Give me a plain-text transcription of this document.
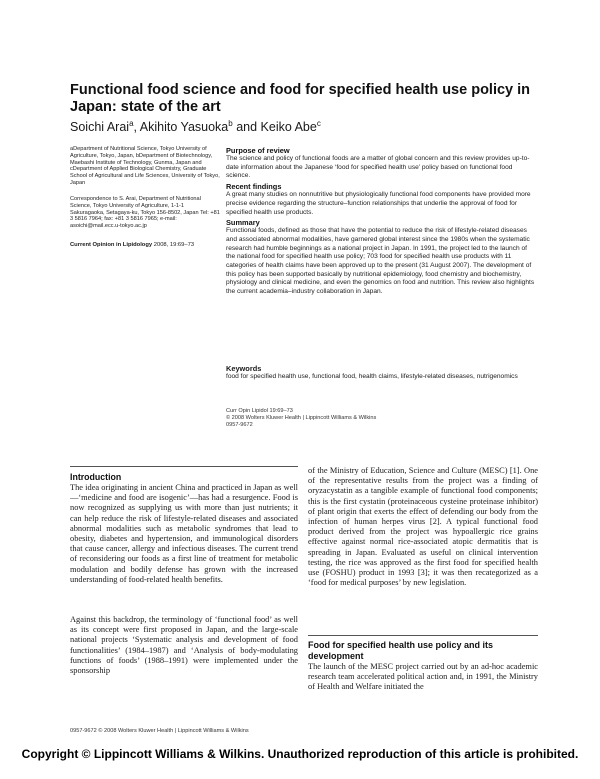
Functional food science and food for specified health use policy in Japan: state of the art
Soichi Arai$^a$, Akihito Yasuoka$^b$ and Keiko Abe$^c$
aDepartment of Nutritional Science, Tokyo University of Agriculture, Tokyo, Japan, bDepartment of Biotechnology, Maebashi Institute of Technology, Gunma, Japan and cDepartment of Applied Biological Chemistry, Graduate School of Agricultural and Life Sciences, University of Tokyo, Japan
Correspondence to S. Arai, Department of Nutritional Science, Tokyo University of Agriculture, 1-1-1 Sakuragaoka, Setagaya-ku, Tokyo 156-8502, Japan Tel: +81 3 5816 7964; fax: +81 3 5816 7965; e-mail: asoichi@mail.ecc.u-tokyo.ac.jp
Current Opinion in Lipidology 2008, 19:69–73
Purpose of review

The science and policy of functional foods are a matter of global concern and this review provides up-to-date information about the Japanese ‘food for specified health use’ policy based on functional food science.

Recent findings

A great many studies on nonnutritive but physiologically functional food components have provided more precise evidence regarding the structure–function relationships that underlie the approval of food for specified health use products.

Summary

Functional foods, defined as those that have the potential to reduce the risk of lifestyle-related diseases and associated abnormal modalities, have garnered global interest since the 1980s when the systematic research had humble beginnings as a national project in Japan. In 1991, the project led to the launch of the national food for specified health use policy; 703 food for specified health use products with 11 categories of health claims have been approved up to the present (31 August 2007). The development of this policy has been supported basically by nutritional epidemiology, food chemistry and biochemistry, physiology and clinical medicine, and even the genomics on food and nutrition. This review also highlights the current academia–industry collaboration in Japan.

Keywords

food for specified health use, functional food, health claims, lifestyle-related diseases, nutrigenomics

Curr Opin Lipidol 19:69–73
© 2008 Wolters Kluwer Health | Lippincott Williams & Wilkins
0957-9672
Introduction

The idea originating in ancient China and practiced in Japan as well—‘medicine and food are isogenic’—has had a resurgence. Food is now recognized as supplying us with more than just nutrients; it can help reduce the risk of lifestyle-related diseases and associated abnormal modalities such as metabolic syndromes that lead to obesity, diabetes and hypertension, and immunological disorders that cause cancer, allergy and infectious diseases. The current trend of reconsidering our foods as a first line of treatment for metabolic modulation and bodily defense has grown with the increased understanding of food-related health benefits.

Against this backdrop, the terminology of ‘functional food’ as well as its concept were first proposed in Japan, and the large-scale national projects ‘Systematic analysis and development of food functionalities’ (1984–1987) and ‘Analysis of body-modulating functions of foods’ (1988–1991) were implemented under the sponsorship

of the Ministry of Education, Science and Culture (MESC) [1]. One of the representative results from the project was a finding of oryzacystatin as a tangible example of functional food components; this is the first cystatin (proteinaceous cysteine proteinase inhibitor) of plant origin that exerts the effect of defending our body from the infection of human herpes virus [2]. A typical functional food product derived from the project was hypoallergic rice grains effective against normal rice-associated atopic dermatitis that is spreading in Japan. Evaluated as useful on clinical intervention testing, the rice was approved as the first food for specified health use (FOSHU) product in 1993 [3]; it was then recategorized as a ‘food for medical purposes’ by new legislation.

Food for specified health use policy and its development
The launch of the MESC project carried out by an ad-hoc academic research team accelerated political action and, in 1991, the Ministry of Health and Welfare initiated the
0957-9672 © 2008 Wolters Kluwer Health | Lippincott Williams & Wilkins
Copyright © Lippincott Williams & Wilkins. Unauthorized reproduction of this article is prohibited.
